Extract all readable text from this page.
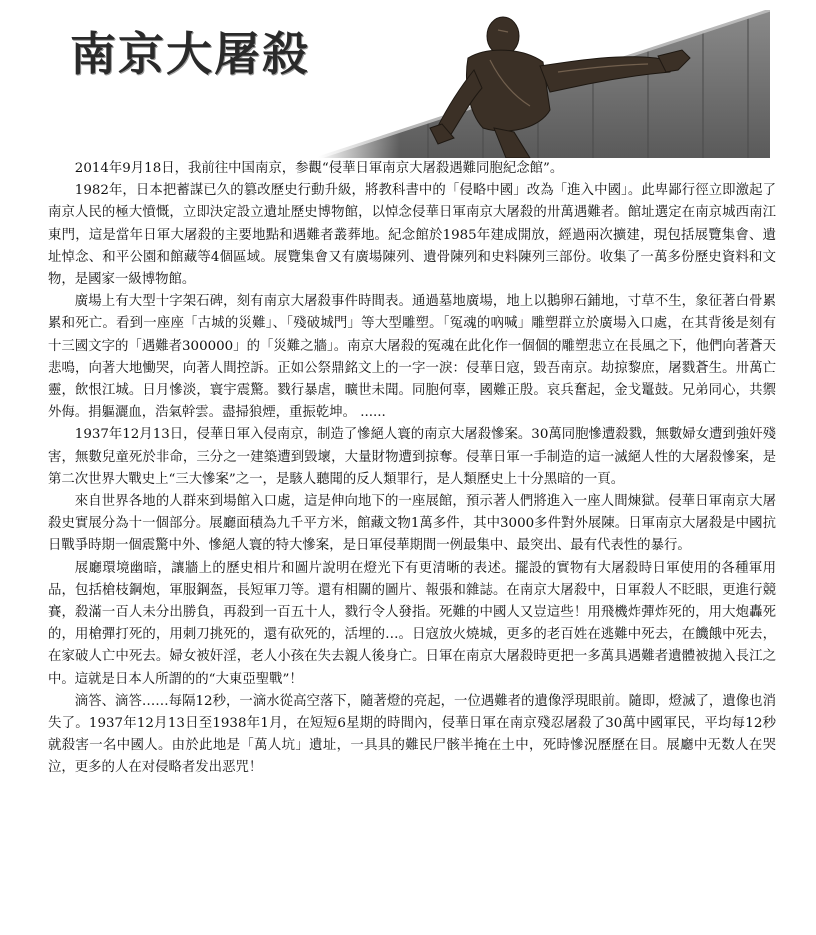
南京大屠殺

2014年9月18日，我前往中国南京，参觀“侵華日軍南京大屠殺遇難同胞紀念館”。

1982年，日本把蓄謀已久的篡改歷史行動升級，將教科書中的「侵略中國」改為「進入中國」。此卑鄙行徑立即激起了南京人民的極大憤慨，立即決定設立遺址歷史博物館，以悼念侵華日軍南京大屠殺的卅萬遇難者。館址選定在南京城西南江東門，這是當年日軍大屠殺的主要地點和遇難者叢葬地。紀念館於1985年建成開放，經過兩次擴建，現包括展覽集會、遺址悼念、和平公園和館藏等4個區域。展覽集會又有廣場陳列、遺骨陳列和史料陳列三部份。收集了一萬多份歷史資料和文物，是國家一級博物館。

廣場上有大型十字架石碑，刻有南京大屠殺事件時間表。通過墓地廣場，地上以鵝卵石鋪地，寸草不生，象征著白骨累累和死亡。看到一座座「古城的災難」、「殘破城門」等大型雕塑。「冤魂的吶喊」雕塑群立於廣場入口處，在其背後是刻有十三國文字的「遇難者300000」的「災難之牆」。南京大屠殺的冤魂在此化作一個個的雕塑悲立在長風之下，他們向著蒼天悲鳴，向著大地慟哭，向著人間控訴。正如公祭鼎銘文上的一字一淚：侵華日寇，毀吾南京。劫掠黎庶，屠戮蒼生。卅萬亡靈，飲恨江城。日月慘淡，寰宇震驚。戮行暴虐，曠世未聞。同胞何辜，國難正殷。哀兵奮起，金戈鼍鼓。兄弟同心，共禦外侮。捐軀灑血，浩氣幹雲。盡掃狼煙，重振乾坤。 ......

1937年12月13日，侵華日軍入侵南京，制造了慘絕人寰的南京大屠殺慘案。30萬同胞慘遭殺戮，無數婦女遭到強奸殘害，無數兒童死於非命，三分之一建築遭到毀壞，大量財物遭到掠奪。侵華日軍一手制造的這一滅絕人性的大屠殺慘案，是第二次世界大戰史上“三大慘案”之一，是駭人聽聞的反人類罪行，是人類歷史上十分黑暗的一頁。

來自世界各地的人群來到場館入口處，這是伸向地下的一座展館，預示著人們將進入一座人間煉獄。侵華日軍南京大屠殺史實展分為十一個部分。展廳面積為九千平方米，館藏文物1萬多件，其中3000多件對外展陳。日軍南京大屠殺是中國抗日戰爭時期一個震驚中外、慘絕人寰的特大慘案，是日軍侵華期間一例最集中、最突出、最有代表性的暴行。

展廳環境幽暗，讓牆上的歷史相片和圖片說明在燈光下有更清晰的表述。擺設的實物有大屠殺時日軍使用的各種軍用品，包括槍枝鋼炮，軍服鋼盔，長短軍刀等。還有相關的圖片、報張和雜誌。在南京大屠殺中，日軍殺人不眨眼，更進行競賽，殺滿一百人未分出勝負，再殺到一百五十人，戮行令人發指。死難的中國人又豈這些！用飛機炸彈炸死的，用大炮轟死的，用槍彈打死的，用刺刀挑死的，還有砍死的，活埋的…。日寇放火燒城，更多的老百姓在逃難中死去，在饑餓中死去，在家破人亡中死去。婦女被奸淫，老人小孩在失去親人後身亡。日軍在南京大屠殺時更把一多萬具遇難者遺體被拋入長江之中。這就是日本人所謂的的“大東亞聖戰”！

滴答、滴答……每隔12秒，一滴水從高空落下，隨著燈的亮起，一位遇難者的遺像浮現眼前。隨即，燈滅了，遺像也消失了。1937年12月13日至1938年1月，在短短6星期的時間內，侵華日軍在南京殘忍屠殺了30萬中國軍民，平均每12秒就殺害一名中國人。由於此地是「萬人坑」遺址，一具具的難民尸骸半掩在土中，死時慘況歷歷在目。展廳中无数人在哭泣，更多的人在对侵略者发出恶咒！
